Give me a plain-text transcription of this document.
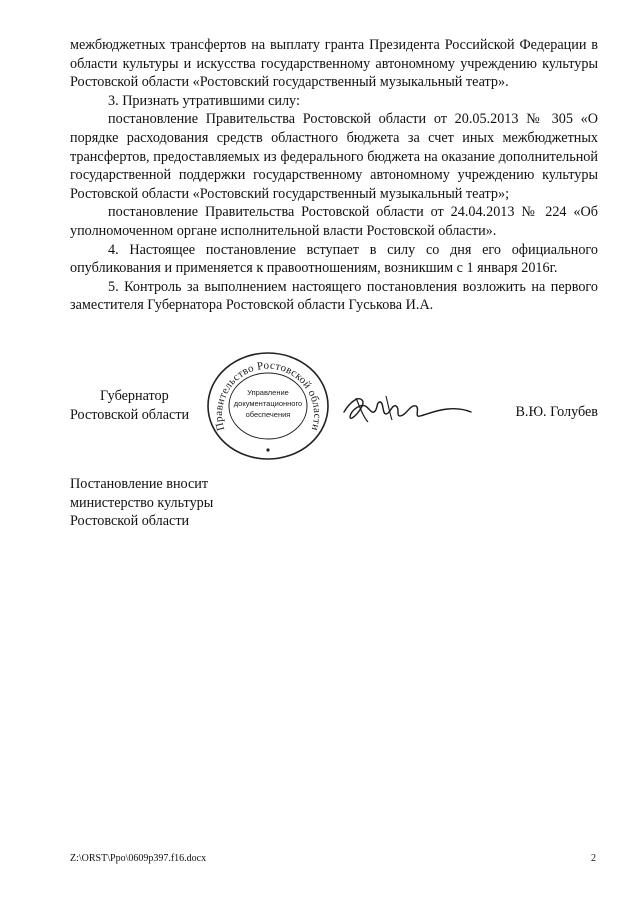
межбюджетных трансфертов на выплату гранта Президента Российской Федерации в области культуры и искусства государственному автономному учреждению культуры Ростовской области «Ростовский государственный музыкальный театр».

3. Признать утратившими силу:

постановление Правительства Ростовской области от 20.05.2013 № 305 «О порядке расходования средств областного бюджета за счет иных межбюджетных трансфертов, предоставляемых из федерального бюджета на оказание дополнительной государственной поддержки государственному автономному учреждению культуры Ростовской области «Ростовский государственный музыкальный театр»;

постановление Правительства Ростовской области от 24.04.2013 № 224 «Об уполномоченном органе исполнительной власти Ростовской области».

4. Настоящее постановление вступает в силу со дня его официального опубликования и применяется к правоотношениям, возникшим с 1 января 2016г.

5. Контроль за выполнением настоящего постановления возложить на первого заместителя Губернатора Ростовской области Гуськова И.А.

Губернатор
Ростовской области
Правительство Ростовской области
Управление
документационного
обеспечения	В.Ю. Голубев
Постановление вносит
министерство культуры
Ростовской области
Z:\ORST\Ppo\0609p397.f16.docx	2
